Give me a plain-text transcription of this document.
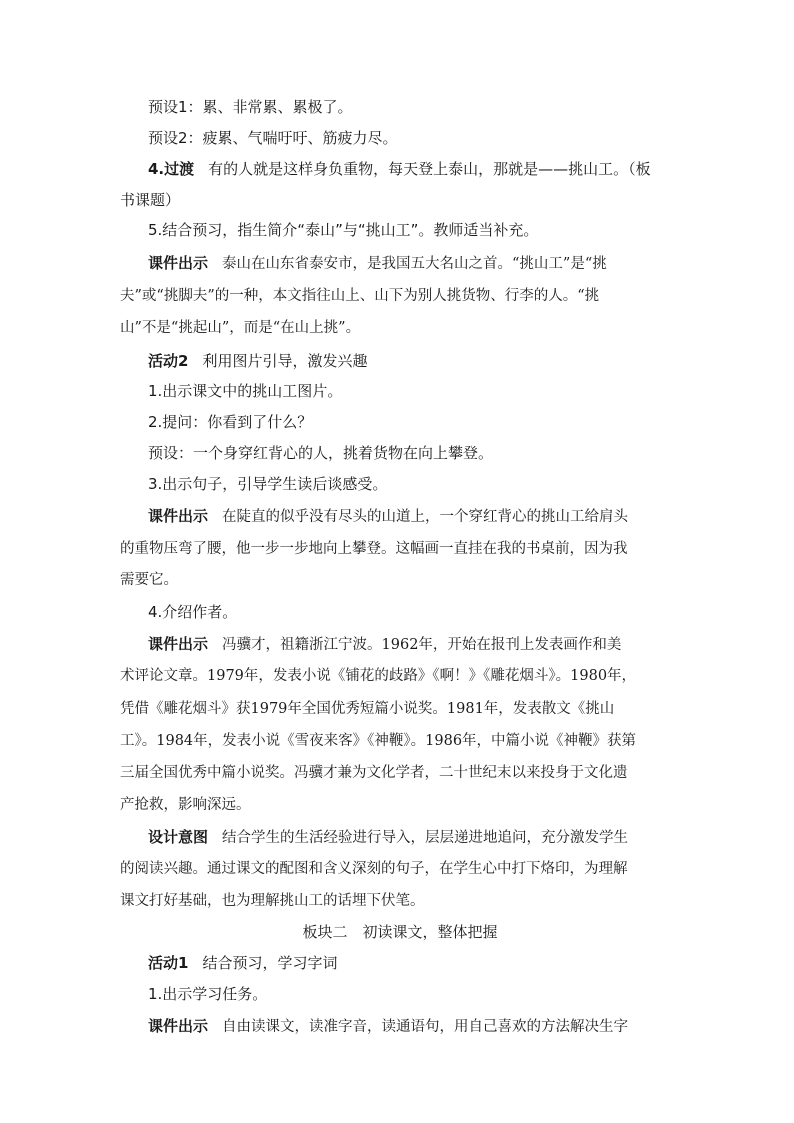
预设1：累、非常累、累极了。
预设2：疲累、气喘吁吁、筋疲力尽。
4.过渡 有的人就是这样身负重物，每天登上泰山，那就是——挑山工。（板
书课题）
5.结合预习，指生简介“泰山”与“挑山工”。教师适当补充。
课件出示 泰山在山东省泰安市，是我国五大名山之首。“挑山工”是“挑
夫”或“挑脚夫”的一种，本文指往山上、山下为别人挑货物、行李的人。“挑
山”不是“挑起山”，而是“在山上挑”。
活动2 利用图片引导，激发兴趣
1.出示课文中的挑山工图片。
2.提问：你看到了什么？
预设：一个身穿红背心的人，挑着货物在向上攀登。
3.出示句子，引导学生读后谈感受。
课件出示 在陡直的似乎没有尽头的山道上，一个穿红背心的挑山工给肩头
的重物压弯了腰，他一步一步地向上攀登。这幅画一直挂在我的书桌前，因为我
需要它。
4.介绍作者。
课件出示 冯骥才，祖籍浙江宁波。1962年，开始在报刊上发表画作和美
术评论文章。1979年，发表小说《铺花的歧路》《啊！》《雕花烟斗》。1980年，
凭借《雕花烟斗》获1979年全国优秀短篇小说奖。1981年，发表散文《挑山
工》。1984年，发表小说《雪夜来客》《神鞭》。1986年，中篇小说《神鞭》获第
三届全国优秀中篇小说奖。冯骥才兼为文化学者，二十世纪末以来投身于文化遗
产抢救，影响深远。
设计意图 结合学生的生活经验进行导入，层层递进地追问，充分激发学生
的阅读兴趣。通过课文的配图和含义深刻的句子，在学生心中打下烙印，为理解
课文打好基础，也为理解挑山工的话埋下伏笔。
板块二　初读课文，整体把握
活动1 结合预习，学习字词
1.出示学习任务。
课件出示 自由读课文，读准字音，读通语句，用自己喜欢的方法解决生字
